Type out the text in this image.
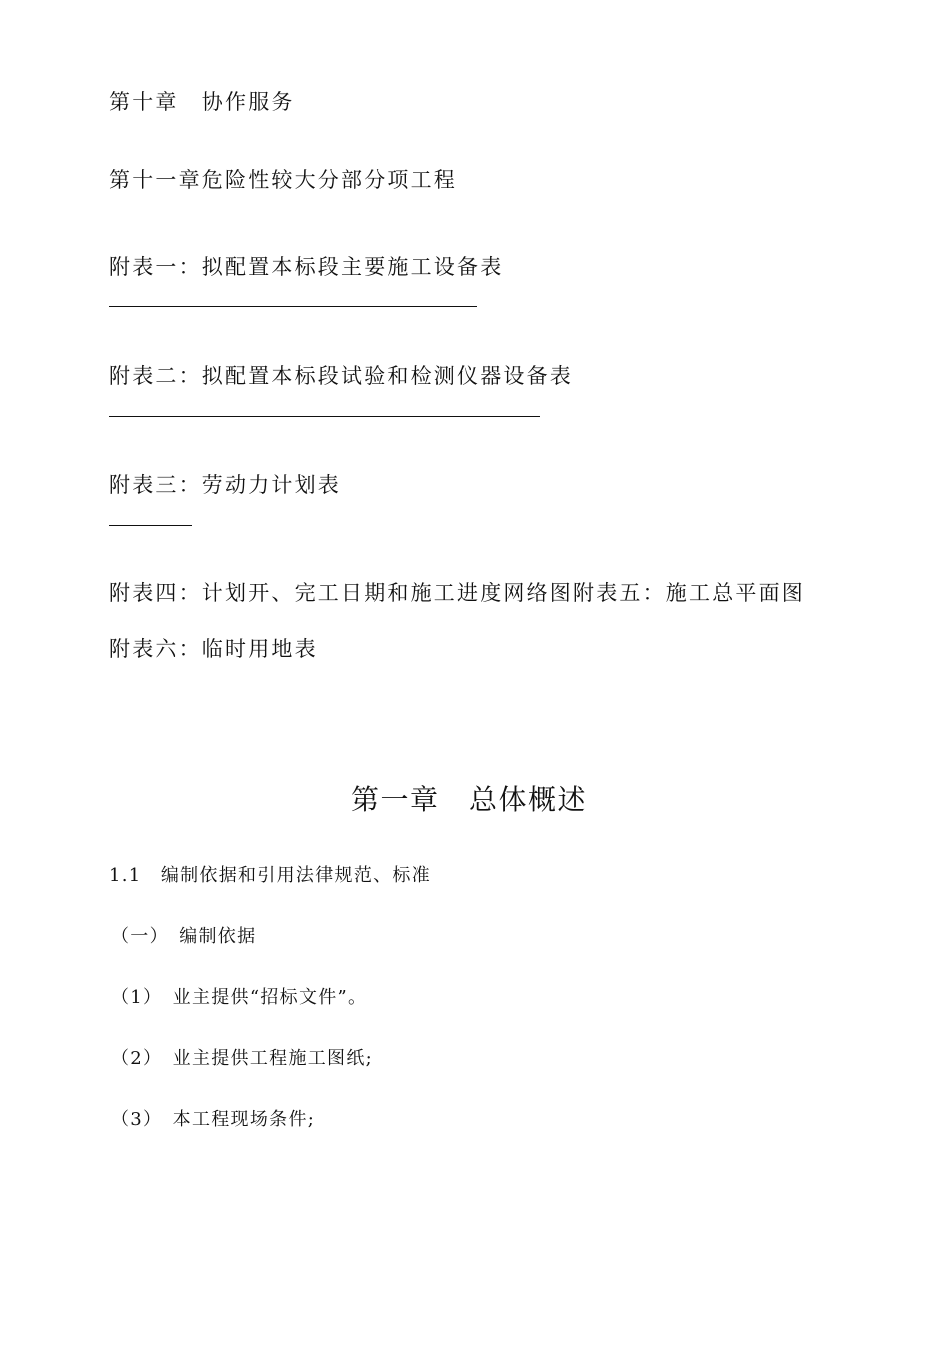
第十章　协作服务
第十一章危险性较大分部分项工程
附表一：拟配置本标段主要施工设备表
附表二：拟配置本标段试验和检测仪器设备表
附表三：劳动力计划表
附表四：计划开、完工日期和施工进度网络图附表五：施工总平面图
附表六：临时用地表
第一章　总体概述
1.1　编制依据和引用法律规范、标准
（一）　编制依据
（1）　业主提供“招标文件”。
（2）　业主提供工程施工图纸;
（3）　本工程现场条件;
